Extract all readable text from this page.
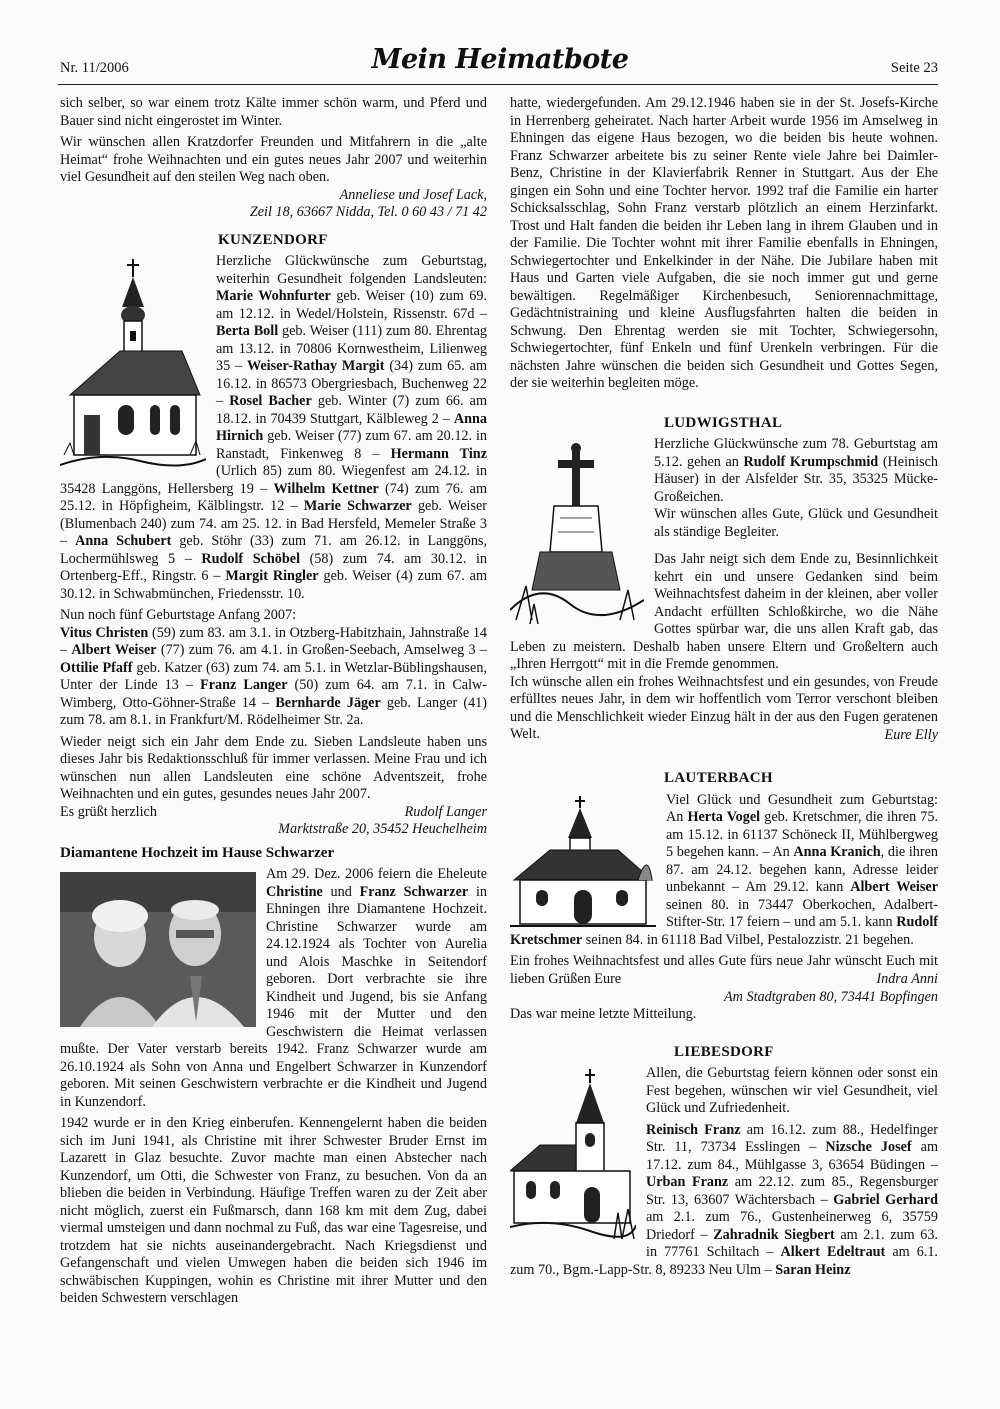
Nr. 11/2006	Mein Heimatbote	Seite 23

sich selber, so war einem trotz Kälte immer schön warm, und Pferd und Bauer sind nicht eingerostet im Winter.

Wir wünschen allen Kratzdorfer Freunden und Mitfahrern in die „alte Heimat“ frohe Weihnachten und ein gutes neues Jahr 2007 und weiterhin viel Gesundheit auf den steilen Weg nach oben.

Anneliese und Josef Lack,

Zeil 18, 63667 Nidda, Tel. 0 60 43 / 71 42

KUNZENDORF

Herzliche Glückwünsche zum Geburtstag, weiterhin Gesundheit folgenden Landsleuten: Marie Wohnfurter geb. Weiser (10) zum 69. am 12.12. in Wedel/Holstein, Rissenstr. 67d – Berta Boll geb. Weiser (111) zum 80. Ehrentag am 13.12. in 70806 Kornwestheim, Lilienweg 35 – Weiser-Rathay Margit (34) zum 65. am 16.12. in 86573 Obergriesbach, Buchenweg 22 – Rosel Bacher geb. Winter (7) zum 66. am 18.12. in 70439 Stuttgart, Kälbleweg 2 – Anna Hirnich geb. Weiser (77) zum 67. am 20.12. in Ranstadt, Finkenweg 8 – Hermann Tinz (Urlich 85) zum 80. Wiegenfest am 24.12. in 35428 Langgöns, Hellersberg 19 – Wilhelm Kettner (74) zum 76. am 25.12. in Höpfigheim, Kälblingstr. 12 – Marie Schwarzer geb. Weiser (Blumenbach 240) zum 74. am 25. 12. in Bad Hersfeld, Memeler Straße 3 – Anna Schubert geb. Stöhr (33) zum 71. am 26.12. in Langgöns, Lochermühlsweg 5 – Rudolf Schöbel (58) zum 74. am 30.12. in Ortenberg-Eff., Ringstr. 6 – Margit Ringler geb. Weiser (4) zum 67. am 30.12. in Schwabmünchen, Friedensstr. 10.

Nun noch fünf Geburtstage Anfang 2007:

Vitus Christen (59) zum 83. am 3.1. in Otzberg-Habitzhain, Jahnstraße 14 – Albert Weiser (77) zum 76. am 4.1. in Großen-Seebach, Amselweg 3 – Ottilie Pfaff geb. Katzer (63) zum 74. am 5.1. in Wetzlar-Büblingshausen, Unter der Linde 13 – Franz Langer (50) zum 64. am 7.1. in Calw-Wimberg, Otto-Göhner-Straße 14 – Bernharde Jäger geb. Langer (41) zum 78. am 8.1. in Frankfurt/M. Rödelheimer Str. 2a.

Wieder neigt sich ein Jahr dem Ende zu. Sieben Landsleute haben uns dieses Jahr bis Redaktionsschluß für immer verlassen. Meine Frau und ich wünschen nun allen Landsleuten eine schöne Adventszeit, frohe Weihnachten und ein gutes, gesundes neues Jahr 2007.

Es grüßt herzlich	Rudolf Langer

Marktstraße 20, 35452 Heuchelheim

Diamantene Hochzeit im Hause Schwarzer

Am 29. Dez. 2006 feiern die Eheleute Christine und Franz Schwarzer in Ehningen ihre Diamantene Hochzeit. Christine Schwarzer wurde am 24.12.1924 als Tochter von Aurelia und Alois Maschke in Seitendorf geboren. Dort verbrachte sie ihre Kindheit und Jugend, bis sie Anfang 1946 mit der Mutter und den Geschwistern die Heimat verlassen mußte. Der Vater verstarb bereits 1942. Franz Schwarzer wurde am 26.10.1924 als Sohn von Anna und Engelbert Schwarzer in Kunzendorf geboren. Mit seinen Geschwistern verbrachte er die Kindheit und Jugend in Kunzendorf.

1942 wurde er in den Krieg einberufen. Kennengelernt haben die beiden sich im Juni 1941, als Christine mit ihrer Schwester Bruder Ernst im Lazarett in Glaz besuchte. Zuvor machte man einen Abstecher nach Kunzendorf, um Otti, die Schwester von Franz, zu besuchen. Von da an blieben die beiden in Verbindung. Häufige Treffen waren zu der Zeit aber nicht möglich, zuerst ein Fußmarsch, dann 168 km mit dem Zug, dabei viermal umsteigen und dann nochmal zu Fuß, das war eine Tagesreise, und trotzdem hat sie nichts auseinandergebracht. Nach Kriegsdienst und Gefangenschaft und vielen Umwegen haben die beiden sich 1946 im schwäbischen Kuppingen, wohin es Christine mit ihrer Mutter und den beiden Schwestern verschlagen

hatte, wiedergefunden. Am 29.12.1946 haben sie in der St. Josefs-Kirche in Herrenberg geheiratet. Nach harter Arbeit wurde 1956 im Amselweg in Ehningen das eigene Haus bezogen, wo die beiden bis heute wohnen. Franz Schwarzer arbeitete bis zu seiner Rente viele Jahre bei Daimler-Benz, Christine in der Klavierfabrik Renner in Stuttgart. Aus der Ehe gingen ein Sohn und eine Tochter hervor. 1992 traf die Familie ein harter Schicksalsschlag, Sohn Franz verstarb plötzlich an einem Herzinfarkt. Trost und Halt fanden die beiden ihr Leben lang in ihrem Glauben und in der Familie. Die Tochter wohnt mit ihrer Familie ebenfalls in Ehningen, Schwiegertochter und Enkelkinder in der Nähe. Die Jubilare haben mit Haus und Garten viele Aufgaben, die sie noch immer gut und gerne bewältigen. Regelmäßiger Kirchenbesuch, Seniorennachmittage, Gedächtnistraining und kleine Ausflugsfahrten halten die beiden in Schwung. Den Ehrentag werden sie mit Tochter, Schwiegersohn, Schwiegertochter, fünf Enkeln und fünf Urenkeln verbringen. Für die nächsten Jahre wünschen die beiden sich Gesundheit und Gottes Segen, der sie weiterhin begleiten möge.

LUDWIGSTHAL

Herzliche Glückwünsche zum 78. Geburtstag am 5.12. gehen an Rudolf Krumpschmid (Heinisch Häuser) in der Alsfelder Str. 35, 35325 Mücke-Großeichen.

Wir wünschen alles Gute, Glück und Gesundheit als ständige Begleiter.

Das Jahr neigt sich dem Ende zu, Besinnlichkeit kehrt ein und unsere Gedanken sind beim Weihnachtsfest daheim in der kleinen, aber voller Andacht erfüllten Schloßkirche, wo die Nähe Gottes spürbar war, die uns allen Kraft gab, das Leben zu meistern. Deshalb haben unsere Eltern und Großeltern auch „Ihren Herrgott“ mit in die Fremde genommen.

Ich wünsche allen ein frohes Weihnachtsfest und ein gesundes, von Freude erfülltes neues Jahr, in dem wir hoffentlich vom Terror verschont bleiben und die Menschlichkeit wieder Einzug hält in der aus den Fugen geratenen Welt.	Eure Elly

LAUTERBACH

Viel Glück und Gesundheit zum Geburtstag: An Herta Vogel geb. Kretschmer, die ihren 75. am 15.12. in 61137 Schöneck II, Mühlbergweg 5 begehen kann. – An Anna Kranich, die ihren 87. am 24.12. begehen kann, Adresse leider unbekannt – Am 29.12. kann Albert Weiser seinen 80. in 73447 Oberkochen, Adalbert-Stifter-Str. 17 feiern – und am 5.1. kann Rudolf Kretschmer seinen 84. in 61118 Bad Vilbel, Pestalozzistr. 21 begehen.

Ein frohes Weihnachtsfest und alles Gute fürs neue Jahr wünscht Euch mit lieben Grüßen Eure	Indra Anni

Am Stadtgraben 80, 73441 Bopfingen

Das war meine letzte Mitteilung.

LIEBESDORF

Allen, die Geburtstag feiern können oder sonst ein Fest begehen, wünschen wir viel Gesundheit, viel Glück und Zufriedenheit.

Reinisch Franz am 16.12. zum 88., Hedelfinger Str. 11, 73734 Esslingen – Nizsche Josef am 17.12. zum 84., Mühlgasse 3, 63654 Büdingen – Urban Franz am 22.12. zum 85., Regensburger Str. 13, 63607 Wächtersbach – Gabriel Gerhard am 2.1. zum 76., Gustenheinerweg 6, 35759 Driedorf – Zahradnik Siegbert am 2.1. zum 63. in 77761 Schiltach – Alkert Edeltraut am 6.1. zum 70., Bgm.-Lapp-Str. 8, 89233 Neu Ulm – Saran Heinz
